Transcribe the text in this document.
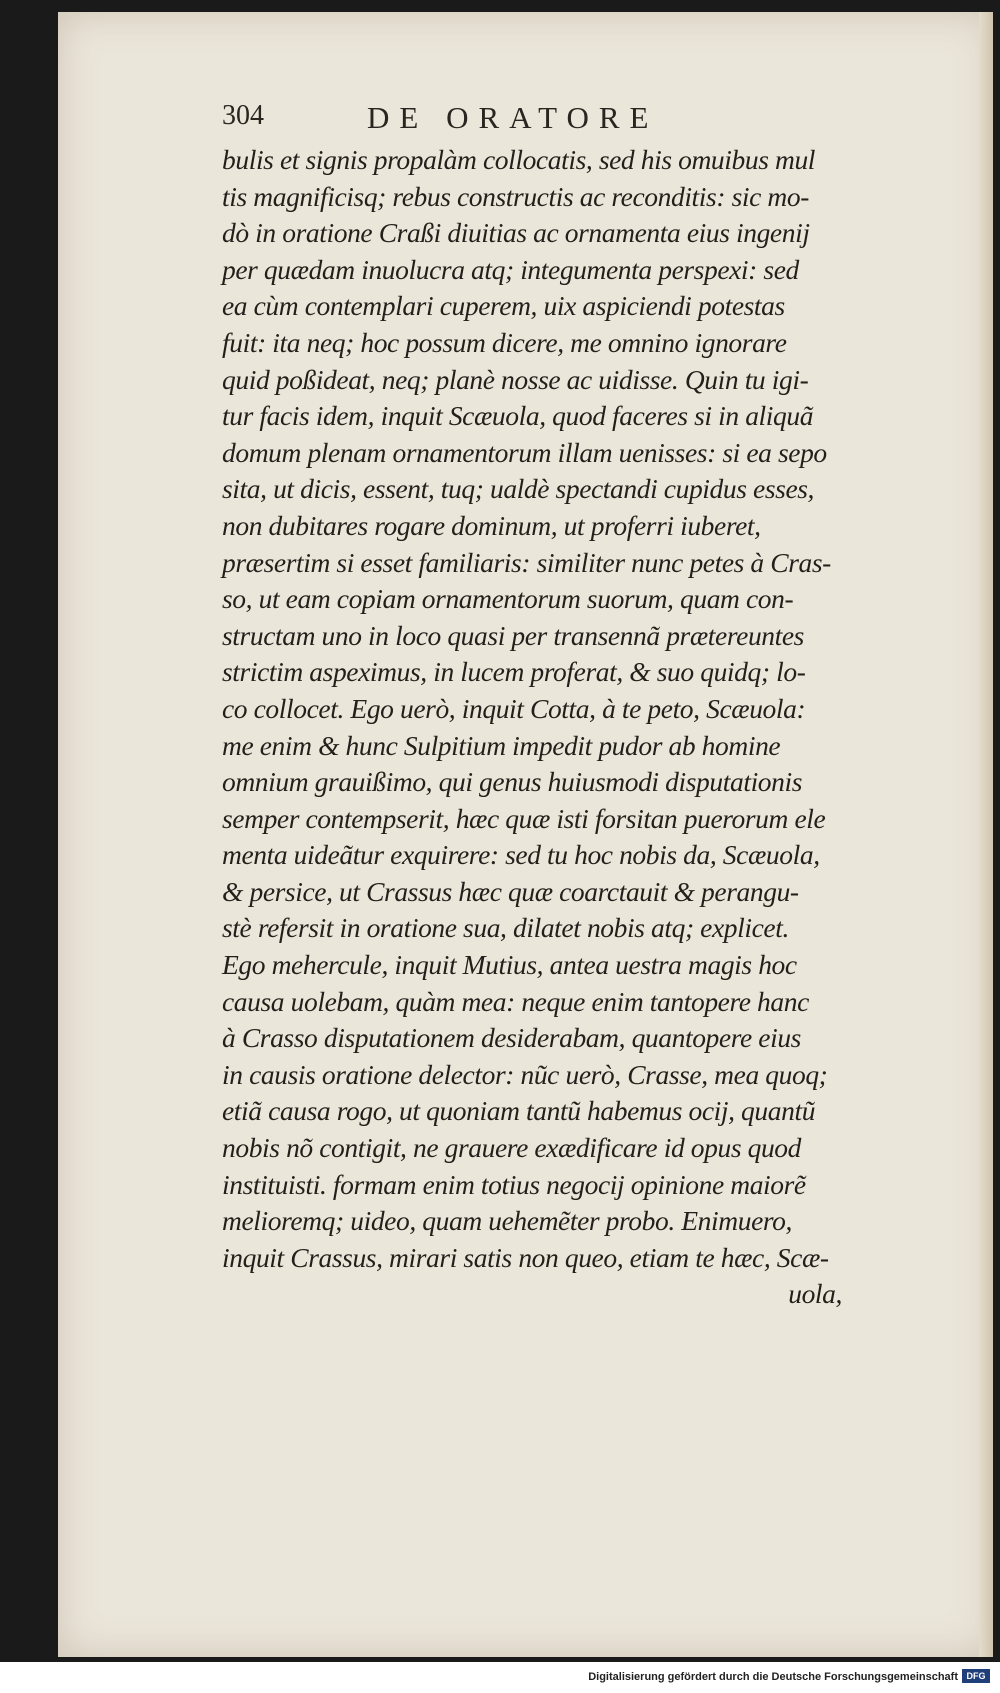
304	DE ORATORE
bulis et signis propalàm collocatis, sed his omuibus mul
tis magnificisq; rebus constructis ac reconditis: sic mo-
dò in oratione Craßi diuitias ac ornamenta eius ingenij
per quædam inuolucra atq; integumenta perspexi: sed
ea cùm contemplari cuperem, uix aspiciendi potestas
fuit: ita neq; hoc possum dicere, me omnino ignorare
quid poßideat, neq; planè nosse ac uidisse. Quin tu igi-
tur facis idem, inquit Scæuola, quod faceres si in aliquã
domum plenam ornamentorum illam uenisses: si ea sepo
sita, ut dicis, essent, tuq; ualdè spectandi cupidus esses,
non dubitares rogare dominum, ut proferri iuberet,
præsertim si esset familiaris: similiter nunc petes à Cras-
so, ut eam copiam ornamentorum suorum, quam con-
structam uno in loco quasi per transennã prætereuntes
strictim aspeximus, in lucem proferat, & suo quidq; lo-
co collocet. Ego uerò, inquit Cotta, à te peto, Scæuola:
me enim & hunc Sulpitium impedit pudor ab homine
omnium grauißimo, qui genus huiusmodi disputationis
semper contempserit, hæc quæ isti forsitan puerorum ele
menta uideãtur exquirere: sed tu hoc nobis da, Scæuola,
& persice, ut Crassus hæc quæ coarctauit & perangu-
stè refersit in oratione sua, dilatet nobis atq; explicet.
Ego mehercule, inquit Mutius, antea uestra magis hoc
causa uolebam, quàm mea: neque enim tantopere hanc
à Crasso disputationem desiderabam, quantopere eius
in causis oratione delector: nũc uerò, Crasse, mea quoq;
etiã causa rogo, ut quoniam tantũ habemus ocij, quantũ
nobis nõ contigit, ne grauere exædificare id opus quod
instituisti. formam enim totius negocij opinione maiorẽ
melioremq; uideo, quam uehemẽter probo. Enimuero,
inquit Crassus, mirari satis non queo, etiam te hæc, Scæ-
uola,
Digitalisierung gefördert durch die Deutsche Forschungsgemeinschaft DFG
